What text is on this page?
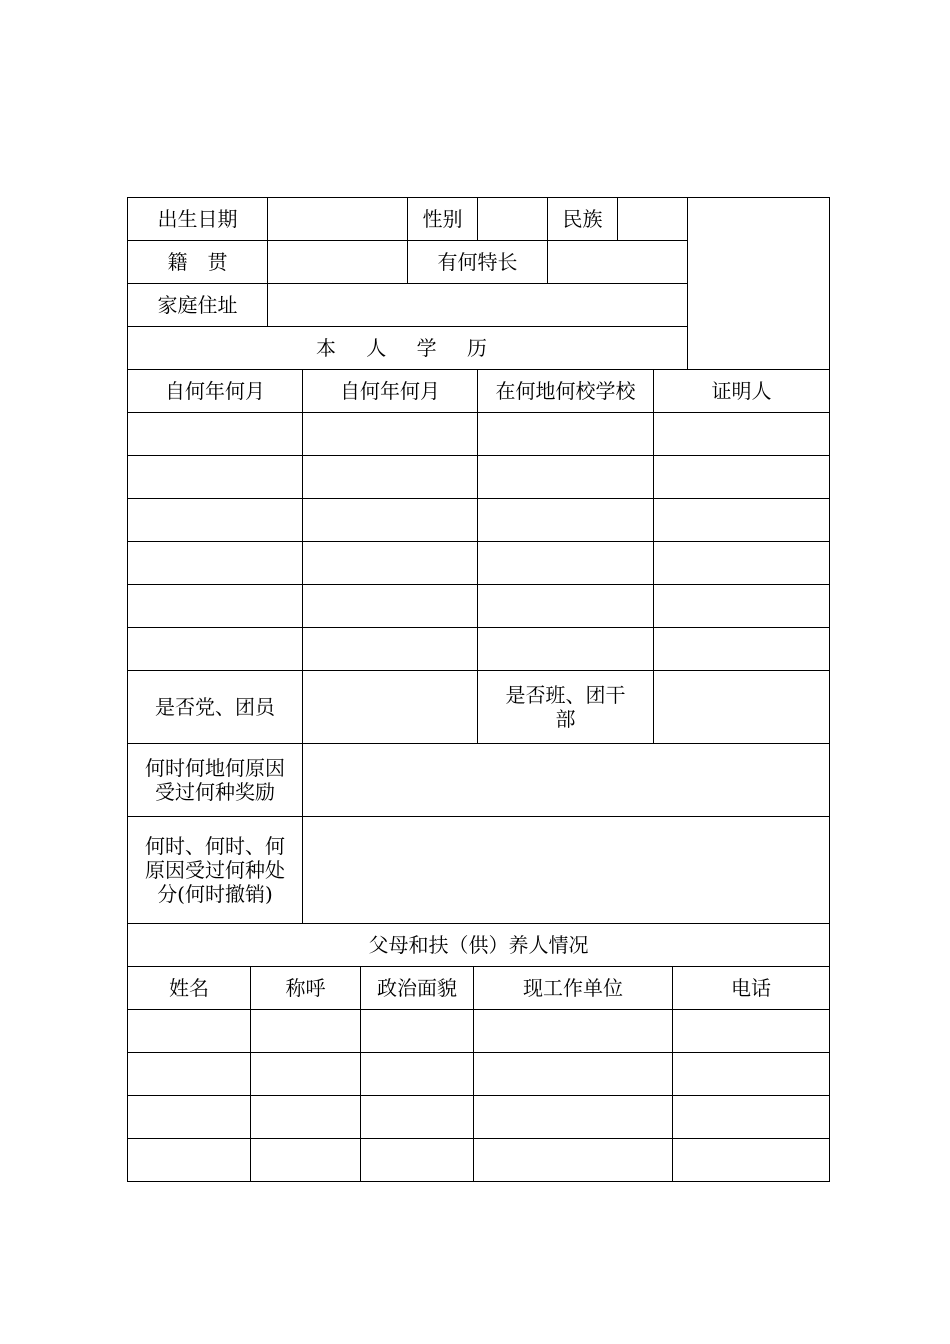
出生日期		性别		民族		
籍　贯		有何特长				
家庭住址						
本 人 学 历						
自何年何月	自何年何月	在何地何校学校	证明人

是否党、团员		是否班、团干部	
何时何地何原因受过何种奖励			
何时、何时、何原因受过何种处分(何时撤销)			
父母和扶（供）养人情况			
姓名	称呼	政治面貌	现工作单位	电话
